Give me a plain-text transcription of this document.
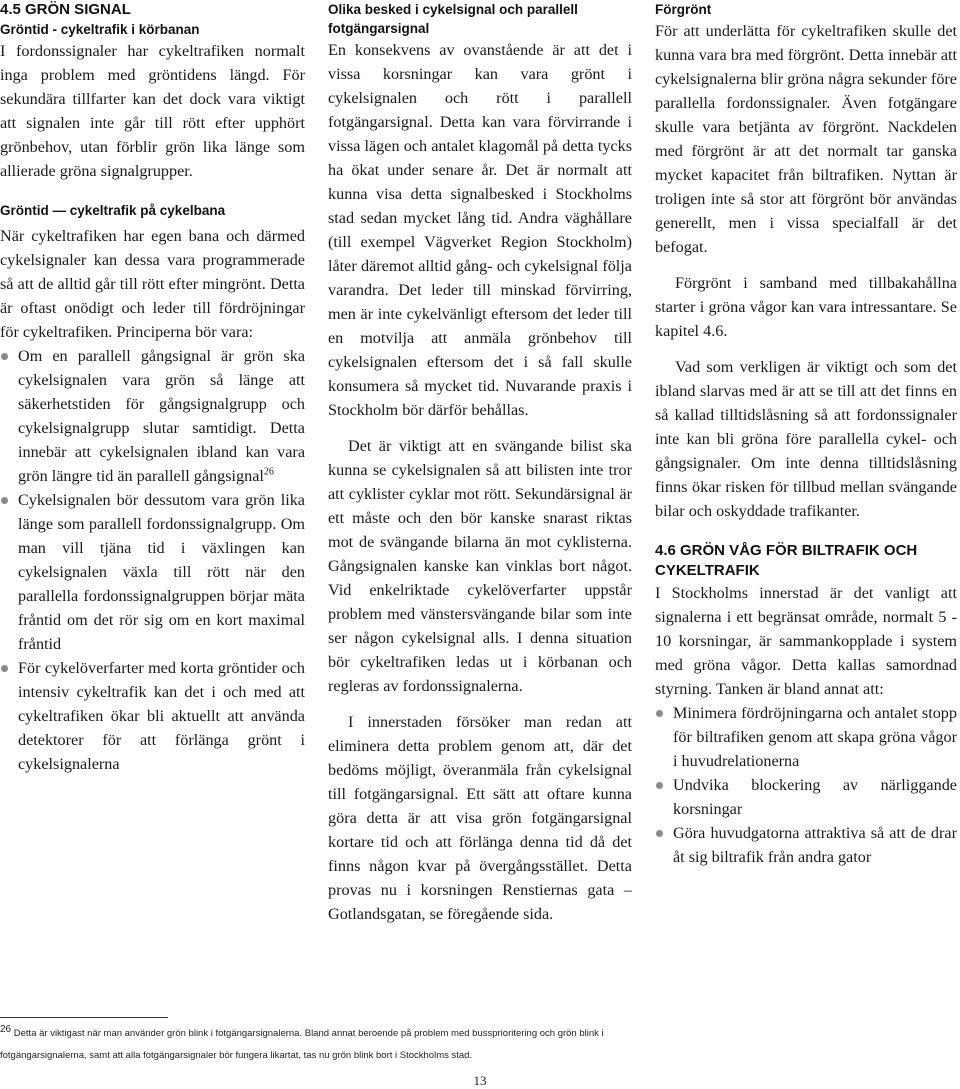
4.5 GRÖN SIGNAL
Gröntid - cykeltrafik i körbanan

I fordonssignaler har cykeltrafiken normalt inga problem med gröntidens längd. För sekundära tillfarter kan det dock vara viktigt att signalen inte går till rött efter upphört grönbehov, utan förblir grön lika länge som allierade gröna signalgrupper.

Gröntid — cykeltrafik på cykelbana

När cykeltrafiken har egen bana och därmed cykelsignaler kan dessa vara programmerade så att de alltid går till rött efter mingrönt. Detta är oftast onödigt och leder till fördröjningar för cykeltrafiken. Principerna bör vara:

Om en parallell gångsignal är grön ska cykelsignalen vara grön så länge att säkerhetstiden för gångsignalgrupp och cykelsignalgrupp slutar samtidigt. Detta innebär att cykelsignalen ibland kan vara grön längre tid än parallell gångsignal$^{26}$
Cykelsignalen bör dessutom vara grön lika länge som parallell fordonssignalgrupp. Om man vill tjäna tid i växlingen kan cykelsignalen växla till rött när den parallella fordonssignalgruppen börjar mäta fråntid om det rör sig om en kort maximal fråntid
För cykelöverfarter med korta gröntider och intensiv cykeltrafik kan det i och med att cykeltrafiken ökar bli aktuellt att använda detektorer för att förlänga grönt i cykelsignalerna
Olika besked i cykelsignal och parallell fotgängarsignal

En konsekvens av ovanstående är att det i vissa korsningar kan vara grönt i cykelsignalen och rött i parallell fotgängarsignal. Detta kan vara förvirrande i vissa lägen och antalet klagomål på detta tycks ha ökat under senare år. Det är normalt att kunna visa detta signalbesked i Stockholms stad sedan mycket lång tid. Andra väghållare (till exempel Vägverket Region Stockholm) låter däremot alltid gång- och cykelsignal följa varandra. Det leder till minskad förvirring, men är inte cykelvänligt eftersom det leder till en motvilja att anmäla grönbehov till cykelsignalen eftersom det i så fall skulle konsumera så mycket tid. Nuvarande praxis i Stockholm bör därför behållas.

Det är viktigt att en svängande bilist ska kunna se cykelsignalen så att bilisten inte tror att cyklister cyklar mot rött. Sekundärsignal är ett måste och den bör kanske snarast riktas mot de svängande bilarna än mot cyklisterna. Gångsignalen kanske kan vinklas bort något. Vid enkelriktade cykelöverfarter uppstår problem med vänstersvängande bilar som inte ser någon cykelsignal alls. I denna situation bör cykeltrafiken ledas ut i körbanan och regleras av fordonssignalerna.

I innerstaden försöker man redan att eliminera detta problem genom att, där det bedöms möjligt, överanmäla från cykelsignal till fotgängarsignal. Ett sätt att oftare kunna göra detta är att visa grön fotgängarsignal kortare tid och att förlänga denna tid då det finns någon kvar på övergångsstället. Detta provas nu i korsningen Renstiernas gata – Gotlandsgatan, se föregående sida.

Förgrönt

För att underlätta för cykeltrafiken skulle det kunna vara bra med förgrönt. Detta innebär att cykelsignalerna blir gröna några sekunder före parallella fordonssignaler. Även fotgängare skulle vara betjänta av förgrönt. Nackdelen med förgrönt är att det normalt tar ganska mycket kapacitet från biltrafiken. Nyttan är troligen inte så stor att förgrönt bör användas generellt, men i vissa specialfall är det befogat.

Förgrönt i samband med tillbakahållna starter i gröna vågor kan vara intressantare. Se kapitel 4.6.

Vad som verkligen är viktigt och som det ibland slarvas med är att se till att det finns en så kallad tilltidslåsning så att fordonssignaler inte kan bli gröna före parallella cykel- och gångsignaler. Om inte denna tilltidslåsning finns ökar risken för tillbud mellan svängande bilar och oskyddade trafikanter.

4.6 GRÖN VÅG FÖR BILTRAFIK OCH CYKELTRAFIK

I Stockholms innerstad är det vanligt att signalerna i ett begränsat område, normalt 5 - 10 korsningar, är sammankopplade i system med gröna vågor. Detta kallas samordnad styrning. Tanken är bland annat att:

Minimera fördröjningarna och antalet stopp för biltrafiken genom att skapa gröna vågor i huvudrelationerna
Undvika blockering av närliggande korsningar
Göra huvudgatorna attraktiva så att de drar åt sig biltrafik från andra gator
$^{26}$ Detta är viktigast när man använder grön blink i fotgängarsignalerna. Bland annat beroende på problem med bussprioritering och grön blink i fotgängarsignalerna, samt att alla fotgängarsignaler bör fungera likartat, tas nu grön blink bort i Stockholms stad.
13
